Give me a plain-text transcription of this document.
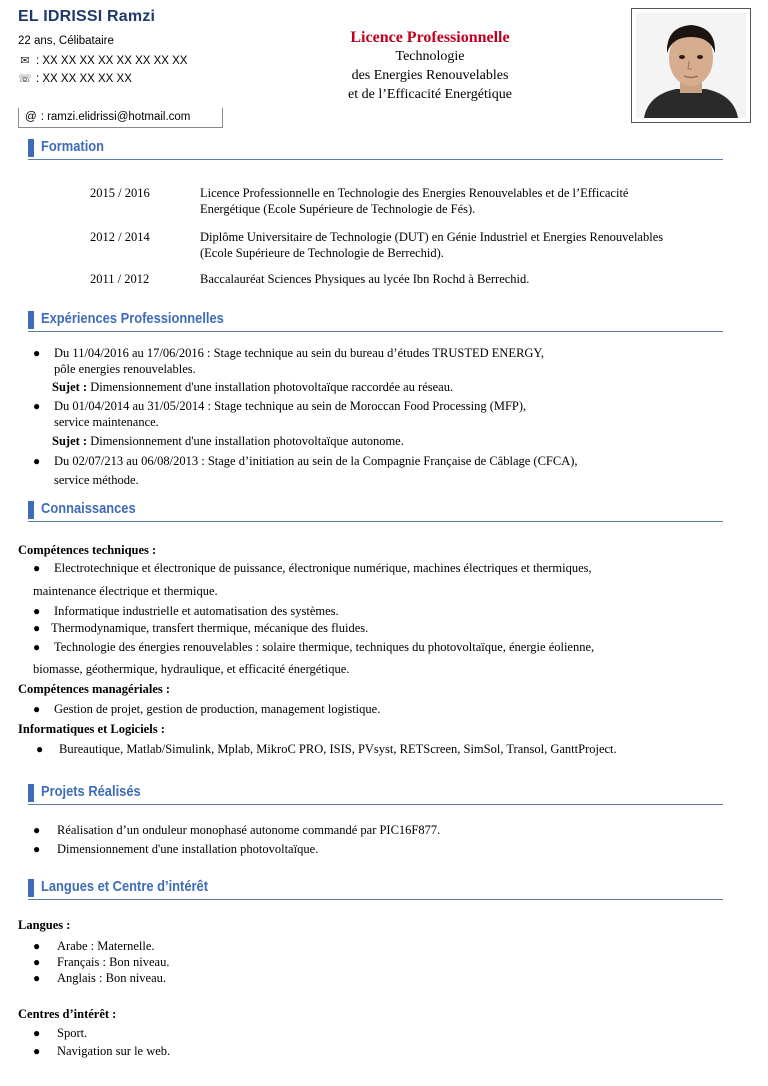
EL IDRISSI Ramzi
22 ans, Célibataire
✉ : XX XX XX XX XX XX XX XX
☏ : XX XX XX XX XX
@ : ramzi.elidrissi@hotmail.com
Licence Professionnelle
Technologie
des Energies Renouvelables
et de l’Efficacité Energétique
Formation
2015 / 2016	Licence Professionnelle en Technologie des Energies Renouvelables et de l’Efficacité
Energétique (Ecole Supérieure de Technologie de Fés).
2012 / 2014	Diplôme Universitaire de Technologie (DUT) en Génie Industriel et Energies Renouvelables
(Ecole Supérieure de Technologie de Berrechid).
2011 / 2012	Baccalauréat Sciences Physiques au lycée Ibn Rochd à Berrechid.
Expériences Professionnelles
● Du 11/04/2016 au 17/06/2016 : Stage technique au sein du bureau d’études TRUSTED ENERGY,
pôle energies renouvelables.
Sujet : Dimensionnement d'une installation photovoltaïque raccordée au réseau.
● Du 01/04/2014 au 31/05/2014 : Stage technique au sein de Moroccan Food Processing (MFP),
service maintenance.
Sujet : Dimensionnement d'une installation photovoltaïque autonome.
● Du 02/07/213 au 06/08/2013 : Stage d’initiation au sein de la Compagnie Française de Câblage (CFCA),
service méthode.
Connaissances
Compétences techniques :
● Electrotechnique et électronique de puissance, électronique numérique, machines électriques et thermiques,
maintenance électrique et thermique.
● Informatique industrielle et automatisation des systèmes.
● Thermodynamique, transfert thermique, mécanique des fluides.
● Technologie des énergies renouvelables : solaire thermique, techniques du photovoltaïque, énergie éolienne,
biomasse, géothermique, hydraulique, et efficacité énergétique.
Compétences managériales :
● Gestion de projet, gestion de production, management logistique.
Informatiques et Logiciels :
● Bureautique, Matlab/Simulink, Mplab, MikroC PRO, ISIS, PVsyst, RETScreen, SimSol, Transol, GanttProject.
Projets Réalisés
● Réalisation d’un onduleur monophasé autonome commandé par PIC16F877.
● Dimensionnement d'une installation photovoltaïque.
Langues et Centre d’intérêt
Langues :
● Arabe : Maternelle.
● Français : Bon niveau.
● Anglais : Bon niveau.
Centres d’intérêt :
● Sport.
● Navigation sur le web.
